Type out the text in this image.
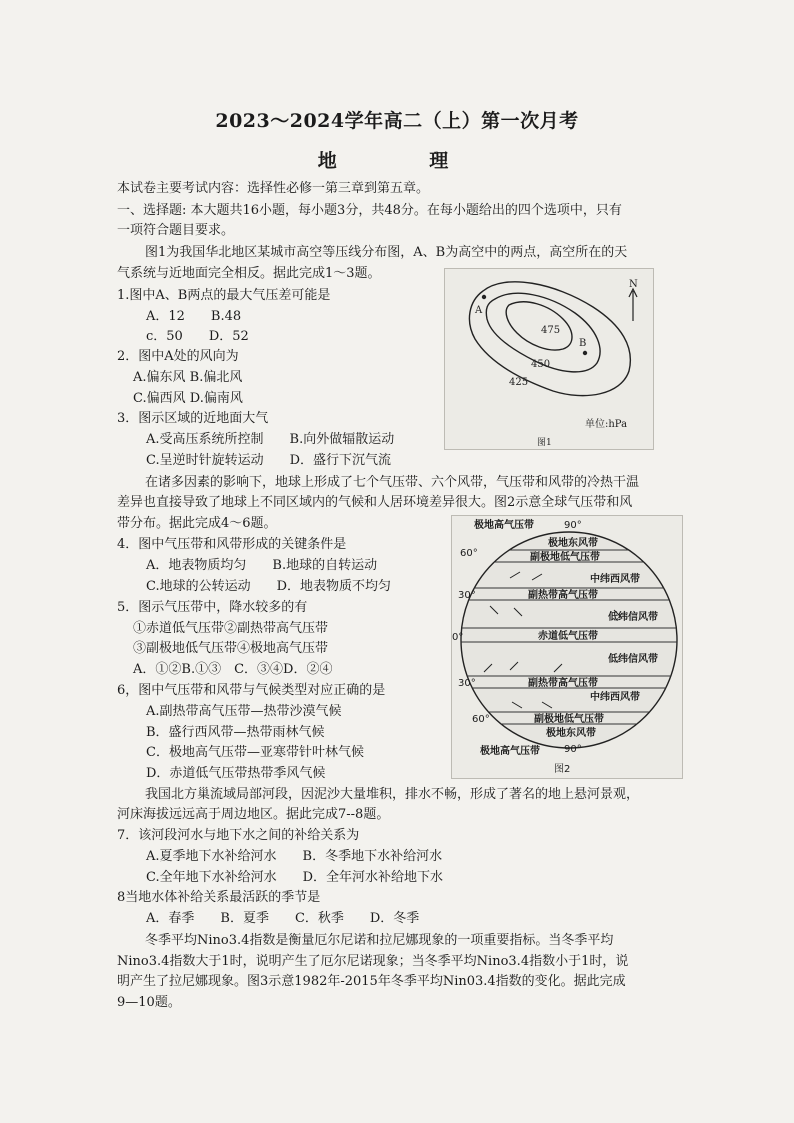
2023～2024学年高二（上）第一次月考
地 理
本试卷主要考试内容：选择性必修一第三章到第五章。
一、选择题: 本大题共16小题，每小题3分，共48分。在每小题给出的四个选项中，只有
一项符合题目要求。
图1为我国华北地区某城市高空等压线分布图，A、B为高空中的两点，高空所在的天
气系统与近地面完全相反。据此完成1～3题。
1.图中A、B两点的最大气压差可能是
A．12　　B.48
c．50　　D．52
2．图中A处的风向为
A.偏东风 B.偏北风
C.偏西风 D.偏南风
3．图示区域的近地面大气
A.受高压系统所控制　　B.向外做辐散运动
C.呈逆时针旋转运动　　D．盛行下沉气流
在诸多因素的影响下，地球上形成了七个气压带、六个风带，气压带和风带的冷热干温
差异也直接导致了地球上不同区域内的气候和人居环境差异很大。图2示意全球气压带和风
带分布。据此完成4～6题。
4．图中气压带和风带形成的关键条件是
A．地表物质均匀　　B.地球的自转运动
C.地球的公转运动　　D．地表物质不均匀
5．图示气压带中，降水较多的有
①赤道低气压带②副热带高气压带
③副极地低气压带④极地高气压带
A．①②B.①③　C．③④D．②④
6，图中气压带和风带与气候类型对应正确的是
A.副热带高气压带—热带沙漠气候
B．盛行西风带—热带雨林气候
C．极地高气压带—亚寒带针叶林气候
D．赤道低气压带热带季风气候
我国北方巢流域局部河段，因泥沙大量堆积，排水不畅，形成了著名的地上悬河景观，
河床海拔远远高于周边地区。据此完成7--8题。
7．该河段河水与地下水之间的补给关系为
A.夏季地下水补给河水　　B．冬季地下水补给河水
C.全年地下水补给河水　　D．全年河水补给地下水
8当地水体补给关系最活跃的季节是
A．春季　　B．夏季　　C．秋季　　D．冬季
冬季平均Nino3.4指数是衡量厄尔尼诺和拉尼娜现象的一项重要指标。当冬季平均
Nino3.4指数大于1时，说明产生了厄尔尼诺现象；当冬季平均Nino3.4指数小于1时，说
明产生了拉尼娜现象。图3示意1982年-2015年冬季平均Nin03.4指数的变化。据此完成
9—10题。
A
B
N
475
450
425
单位:hPa
图1
极地高气压带	90°
60°
30°
0°
30°
60°
90°
极地东风带
副极地低气压带
中纬西风带
副热带高气压带
低纬信风带
赤道低气压带
低纬信风带
副热带高气压带
中纬西风带
副极地低气压带
极地东风带
极地高气压带
图2
